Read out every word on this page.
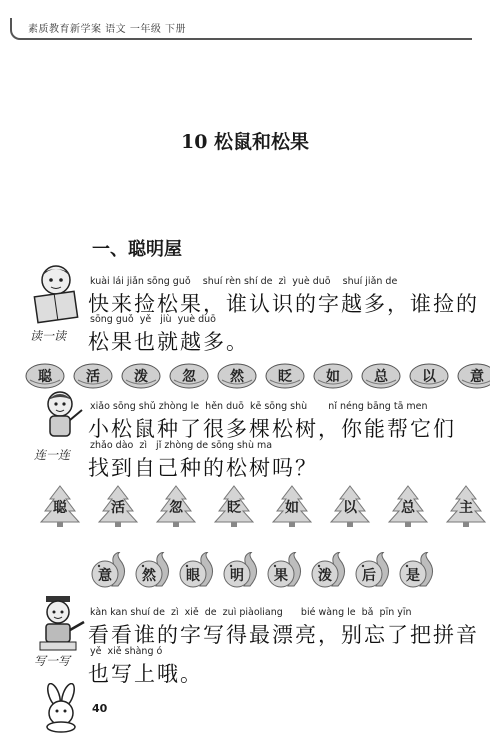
素质教育新学案 语文 一年级 下册
10 松鼠和松果
一、聪明屋
读一读
kuài lái jiǎn sōng guǒ    shuí rèn shí de  zì  yuè duō    shuí jiǎn de
快来捡松果，谁认识的字越多，谁捡的
sōng guǒ  yě   jiù  yuè duō
松果也就越多。
聪	活	泼	忽	然	眨	如	总	以	意
连一连
xiǎo sōng shǔ zhòng le  hěn duō  kē sōng shù       nǐ néng bāng tā men
小松鼠种了很多棵松树，你能帮它们
zhǎo dào  zì   jǐ zhòng de sōng shù ma
找到自己种的松树吗？
聪	活	忽	眨	如	以	总	主
意	然	眼	明	果	泼	后	是
写一写
kàn kan shuí de  zì  xiě  de  zuì piàoliang      bié wàng le  bǎ  pīn yīn
看看谁的字写得最漂亮，别忘了把拼音
yě  xiě shàng ó
也写上哦。
40
